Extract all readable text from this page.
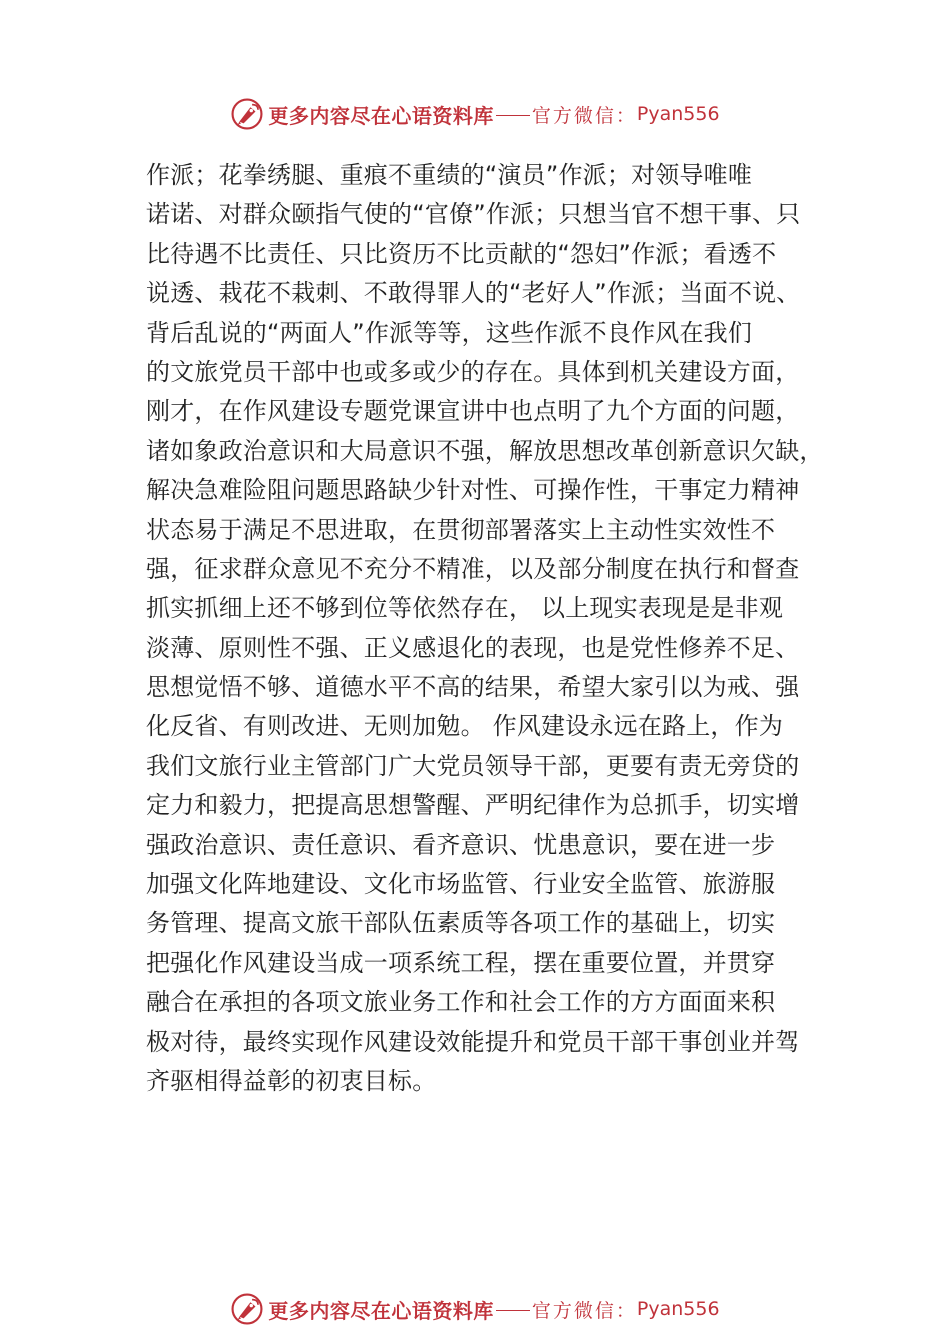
更多内容尽在心语资料库 官方微信： Pyan556
作派；花拳绣腿、重痕不重绩的“演员”作派；对领导唯唯
诺诺、对群众颐指气使的“官僚”作派；只想当官不想干事、只
比待遇不比责任、只比资历不比贡献的“怨妇”作派；看透不
说透、栽花不栽刺、不敢得罪人的“老好人”作派；当面不说、
背后乱说的“两面人”作派等等，这些作派不良作风在我们
的文旅党员干部中也或多或少的存在。具体到机关建设方面，
刚才，在作风建设专题党课宣讲中也点明了九个方面的问题，
诸如象政治意识和大局意识不强，解放思想改革创新意识欠缺，
解决急难险阻问题思路缺少针对性、可操作性，干事定力精神
状态易于满足不思进取，在贯彻部署落实上主动性实效性不
强，征求群众意见不充分不精准，以及部分制度在执行和督查
抓实抓细上还不够到位等依然存在， 以上现实表现是是非观
淡薄、原则性不强、正义感退化的表现，也是党性修养不足、
思想觉悟不够、道德水平不高的结果，希望大家引以为戒、强
化反省、有则改进、无则加勉。 作风建设永远在路上，作为
我们文旅行业主管部门广大党员领导干部，更要有责无旁贷的
定力和毅力，把提高思想警醒、严明纪律作为总抓手，切实增
强政治意识、责任意识、看齐意识、忧患意识，要在进一步
加强文化阵地建设、文化市场监管、行业安全监管、旅游服
务管理、提高文旅干部队伍素质等各项工作的基础上，切实
把强化作风建设当成一项系统工程，摆在重要位置，并贯穿
融合在承担的各项文旅业务工作和社会工作的方方面面来积
极对待，最终实现作风建设效能提升和党员干部干事创业并驾
齐驱相得益彰的初衷目标。
更多内容尽在心语资料库 官方微信： Pyan556
